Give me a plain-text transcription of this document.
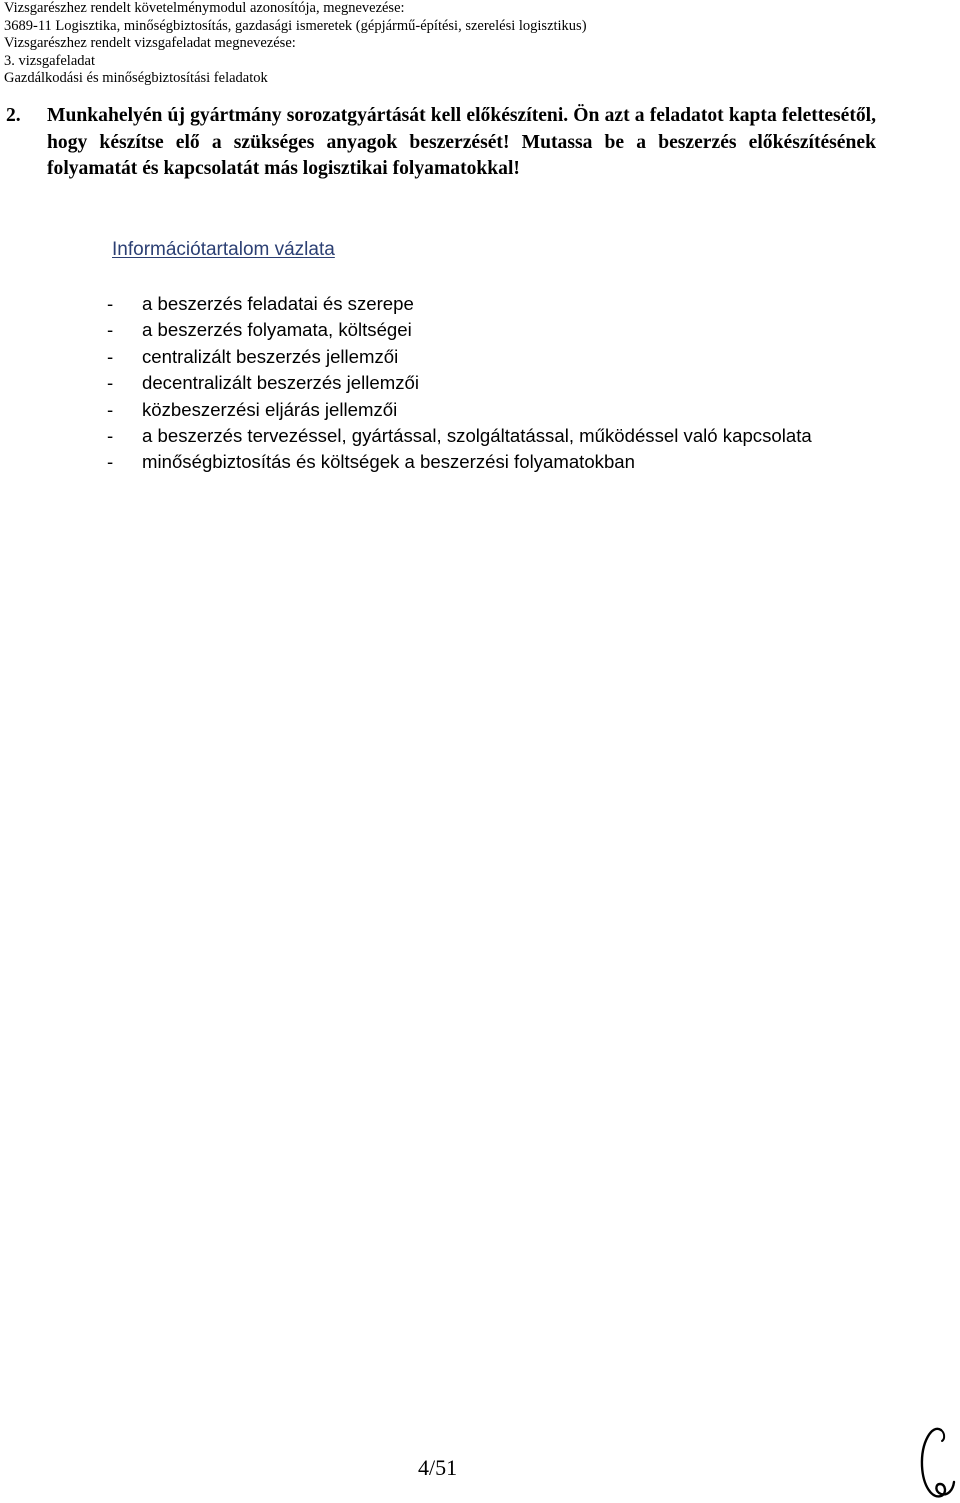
Vizsgarészhez rendelt követelménymodul azonosítója, megnevezése:
3689-11 Logisztika, minőségbiztosítás, gazdasági ismeretek (gépjármű-építési, szerelési logisztikus)
Vizsgarészhez rendelt vizsgafeladat megnevezése:
3. vizsgafeladat
Gazdálkodási és minőségbiztosítási feladatok
2. Munkahelyén új gyártmány sorozatgyártását kell előkészíteni. Ön azt a feladatot kapta felettesétől, hogy készítse elő a szükséges anyagok beszerzését! Mutassa be a beszerzés előkészítésének folyamatát és kapcsolatát más logisztikai folyamatokkal!
Információtartalom vázlata
- a beszerzés feladatai és szerepe
- a beszerzés folyamata, költségei
- centralizált beszerzés jellemzői
- decentralizált beszerzés jellemzői
- közbeszerzési eljárás jellemzői
- a beszerzés tervezéssel, gyártással, szolgáltatással, működéssel való kapcsolata
- minőségbiztosítás és költségek a beszerzési folyamatokban
4/51
